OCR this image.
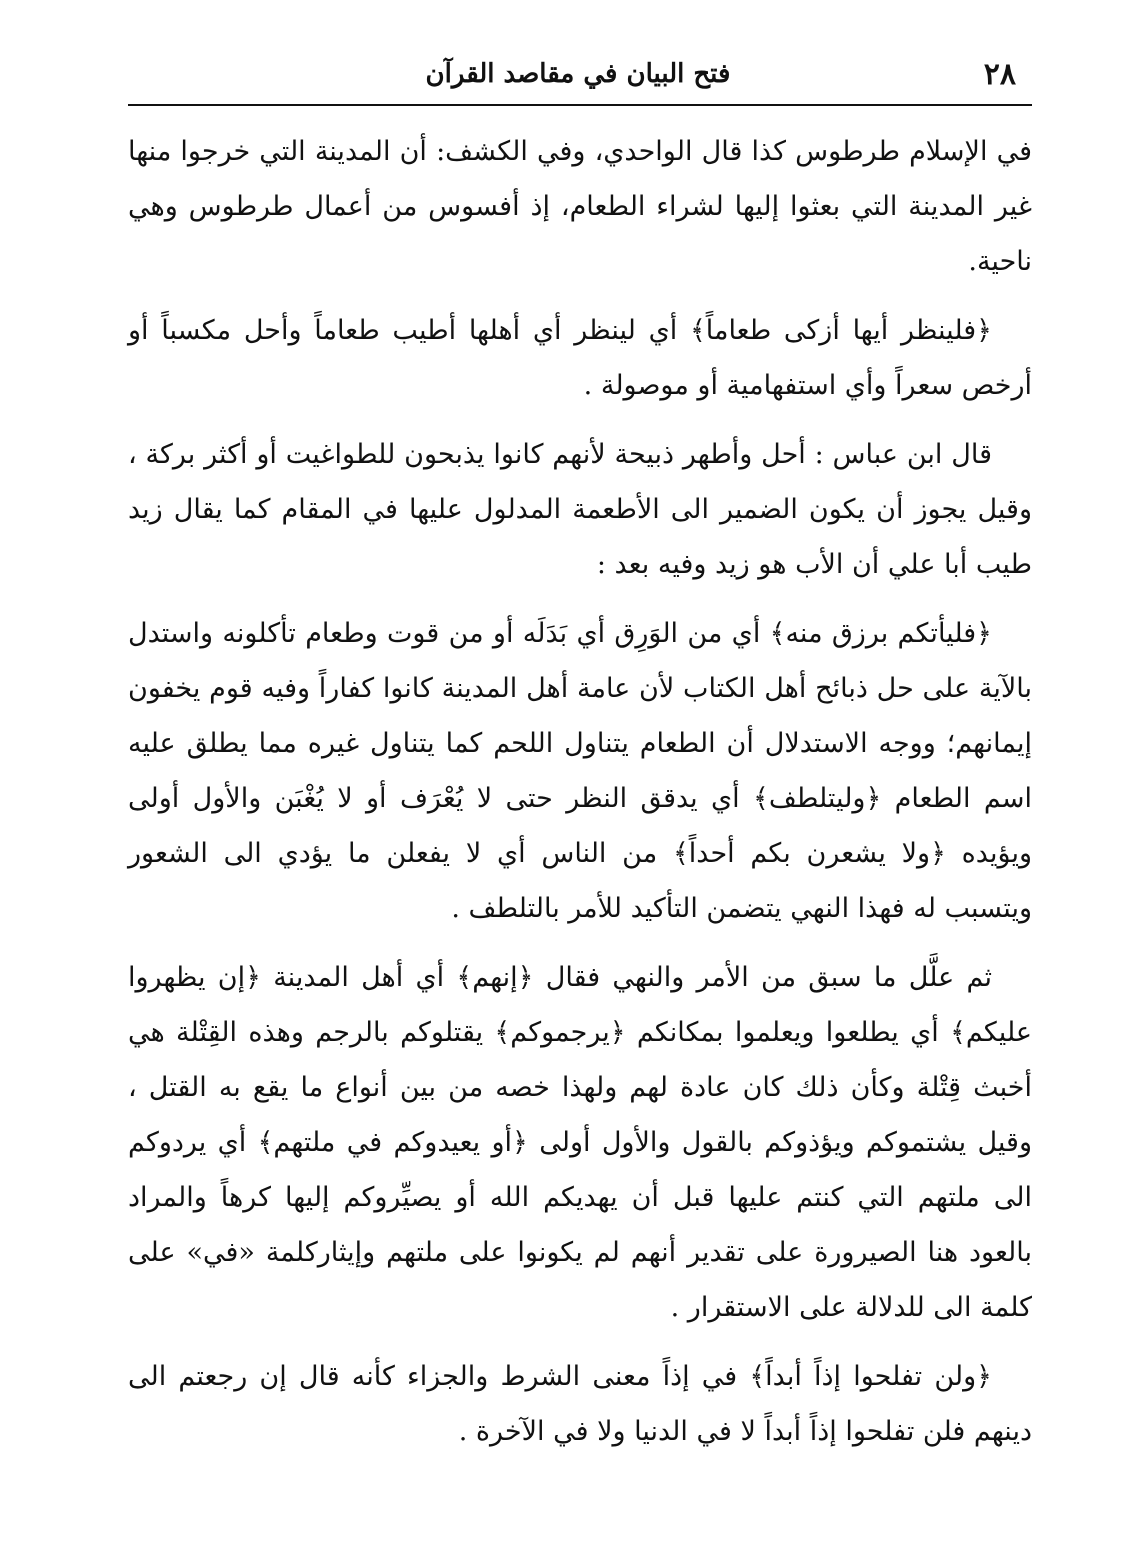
٢٨
فتح البيان في مقاصد القرآن

في الإسلام طرطوس كذا قال الواحدي، وفي الكشف: أن المدينة التي خرجوا منها غير المدينة التي بعثوا إليها لشراء الطعام، إذ أفسوس من أعمال طرطوس وهي ناحية.

﴿فلينظر أيها أزكى طعاماً﴾ أي لينظر أي أهلها أطيب طعاماً وأحل مكسباً أو أرخص سعراً وأي استفهامية أو موصولة .

قال ابن عباس : أحل وأطهر ذبيحة لأنهم كانوا يذبحون للطواغيت أو أكثر بركة ، وقيل يجوز أن يكون الضمير الى الأطعمة المدلول عليها في المقام كما يقال زيد طيب أبا علي أن الأب هو زيد وفيه بعد :

﴿فليأتكم برزق منه﴾ أي من الوَرِق أي بَدَلَه أو من قوت وطعام تأكلونه واستدل بالآية على حل ذبائح أهل الكتاب لأن عامة أهل المدينة كانوا كفاراً وفيه قوم يخفون إيمانهم؛ ووجه الاستدلال أن الطعام يتناول اللحم كما يتناول غيره مما يطلق عليه اسم الطعام ﴿وليتلطف﴾ أي يدقق النظر حتى لا يُعْرَف أو لا يُغْبَن والأول أولى ويؤيده ﴿ولا يشعرن بكم أحداً﴾ من الناس أي لا يفعلن ما يؤدي الى الشعور ويتسبب له فهذا النهي يتضمن التأكيد للأمر بالتلطف .

ثم علَّل ما سبق من الأمر والنهي فقال ﴿إنهم﴾ أي أهل المدينة ﴿إن يظهروا عليكم﴾ أي يطلعوا ويعلموا بمكانكم ﴿يرجموكم﴾ يقتلوكم بالرجم وهذه القِتْلة هي أخبث قِتْلة وكأن ذلك كان عادة لهم ولهذا خصه من بين أنواع ما يقع به القتل ، وقيل يشتموكم ويؤذوكم بالقول والأول أولى ﴿أو يعيدوكم في ملتهم﴾ أي يردوكم الى ملتهم التي كنتم عليها قبل أن يهديكم الله أو يصيِّروكم إليها كرهاً والمراد بالعود هنا الصيرورة على تقدير أنهم لم يكونوا على ملتهم وإيثاركلمة «في» على كلمة الى للدلالة على الاستقرار .

﴿ولن تفلحوا إذاً أبداً﴾ في إذاً معنى الشرط والجزاء كأنه قال إن رجعتم الى دينهم فلن تفلحوا إذاً أبداً لا في الدنيا ولا في الآخرة .
